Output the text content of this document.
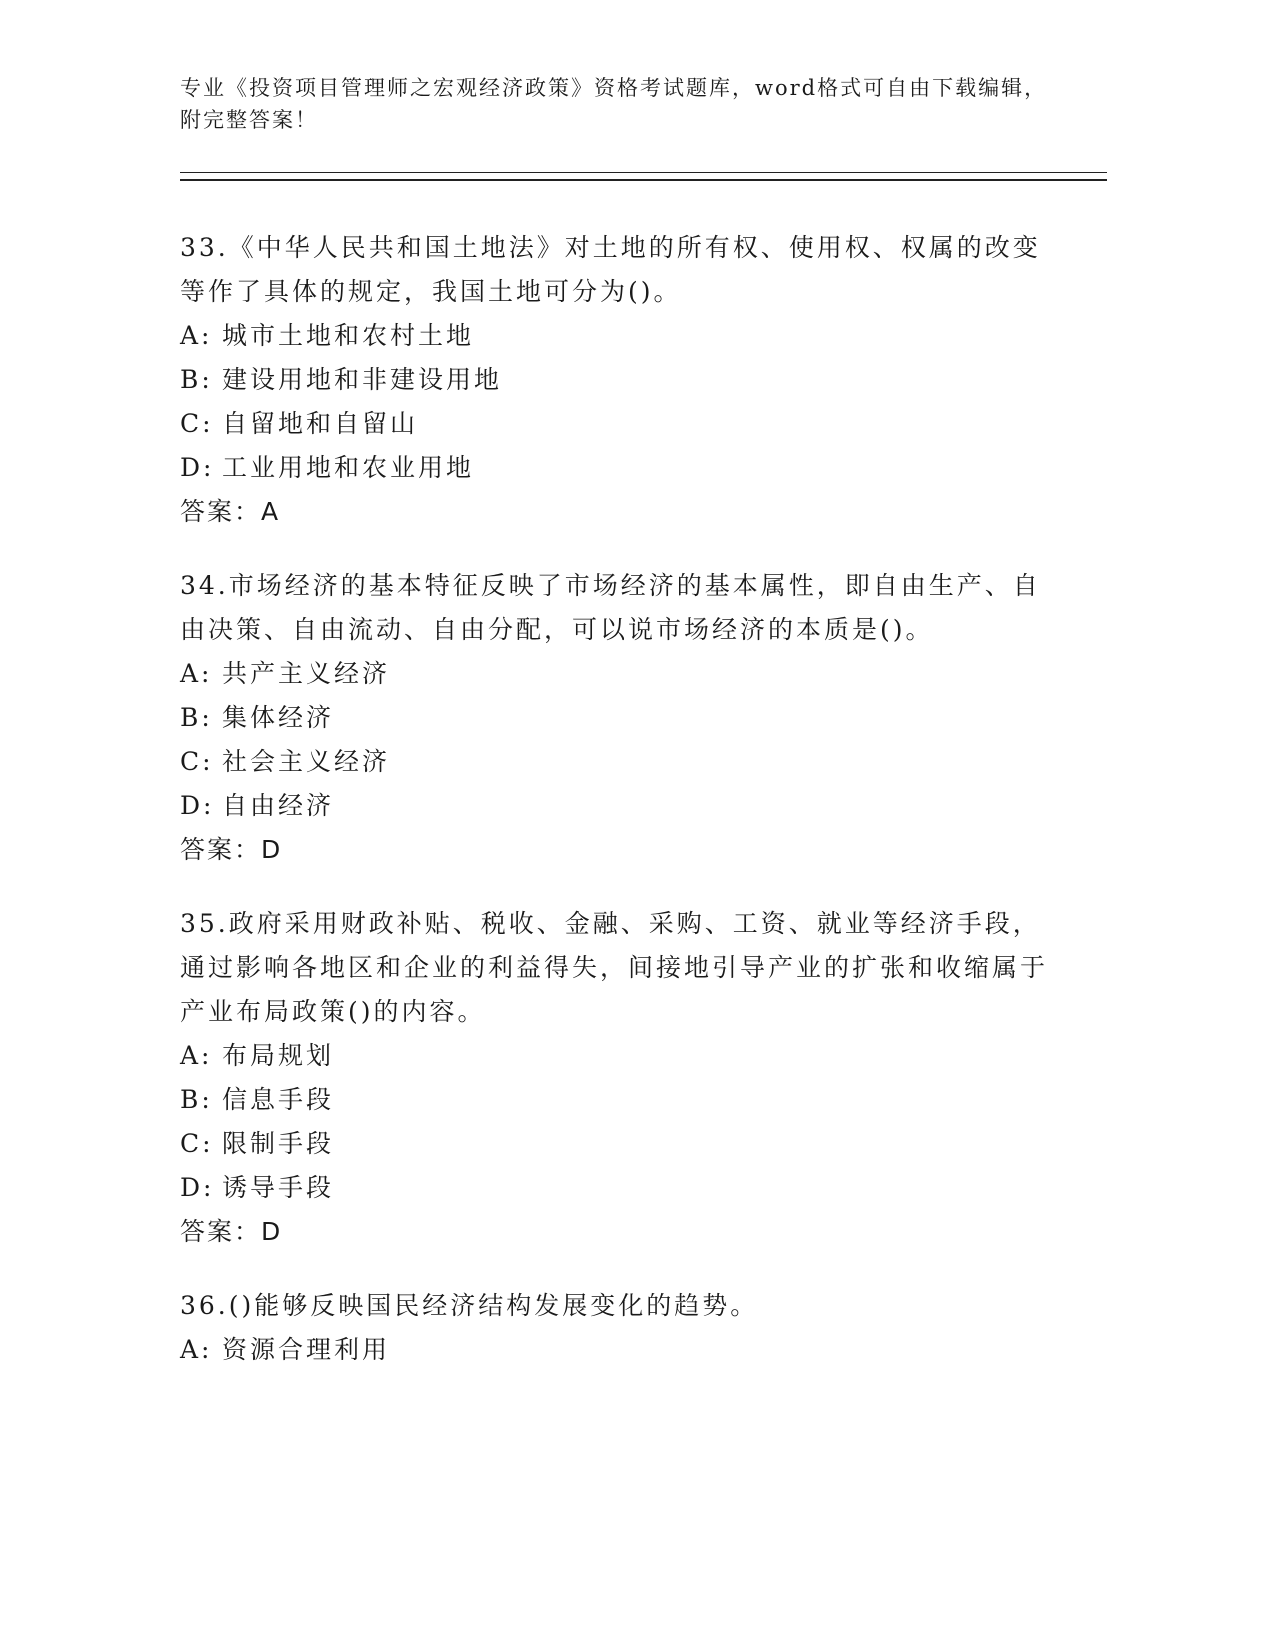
专业《投资项目管理师之宏观经济政策》资格考试题库，word格式可自由下载编辑，附完整答案！

33.《中华人民共和国土地法》对土地的所有权、使用权、权属的改变等作了具体的规定，我国土地可分为()。

A: 城市土地和农村土地

B: 建设用地和非建设用地

C: 自留地和自留山

D: 工业用地和农业用地

答案：A

34.市场经济的基本特征反映了市场经济的基本属性，即自由生产、自由决策、自由流动、自由分配，可以说市场经济的本质是()。

A: 共产主义经济

B: 集体经济

C: 社会主义经济

D: 自由经济

答案：D

35.政府采用财政补贴、税收、金融、采购、工资、就业等经济手段，通过影响各地区和企业的利益得失，间接地引导产业的扩张和收缩属于产业布局政策()的内容。

A: 布局规划

B: 信息手段

C: 限制手段

D: 诱导手段

答案：D

36.()能够反映国民经济结构发展变化的趋势。

A: 资源合理利用
